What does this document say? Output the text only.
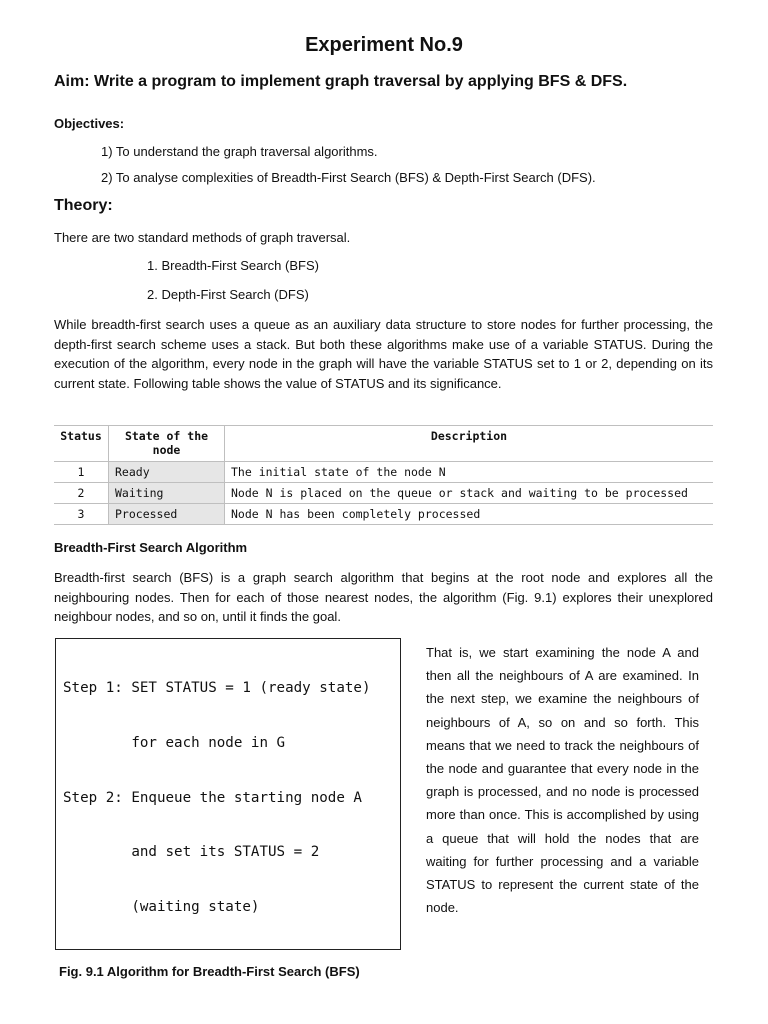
Experiment No.9
Aim: Write a program to implement graph traversal by applying BFS & DFS.
Objectives:
1) To understand the graph traversal algorithms.
2) To analyse complexities of Breadth-First Search (BFS) & Depth-First Search (DFS).
Theory:
There are two standard methods of graph traversal.
1. Breadth-First Search (BFS)
2. Depth-First Search (DFS)
While breadth-first search uses a queue as an auxiliary data structure to store nodes for further processing, the depth-first search scheme uses a stack. But both these algorithms make use of a variable STATUS. During the execution of the algorithm, every node in the graph will have the variable STATUS set to 1 or 2, depending on its current state. Following table shows the value of STATUS and its significance.
Status	State of the node	Description
1	Ready	The initial state of the node N
2	Waiting	Node N is placed on the queue or stack and waiting to be processed
3	Processed	Node N has been completely processed
Breadth-First Search Algorithm
Breadth-first search (BFS) is a graph search algorithm that begins at the root node and explores all the neighbouring nodes. Then for each of those nearest nodes, the algorithm (Fig. 9.1) explores their unexplored neighbour nodes, and so on, until it finds the goal.

Step 1: SET STATUS = 1 (ready state)

for each node in G

Step 2: Enqueue the starting node A

and set its STATUS = 2

(waiting state)

That is, we start examining the node A and then all the neighbours of A are examined. In the next step, we examine the neighbours of neighbours of A, so on and so forth. This means that we need to track the neighbours of the node and guarantee that every node in the graph is processed, and no node is processed more than once. This is accomplished by using a queue that will hold the nodes that are waiting for further processing and a variable STATUS to represent the current state of the node.
Fig. 9.1 Algorithm for Breadth-First Search (BFS)
